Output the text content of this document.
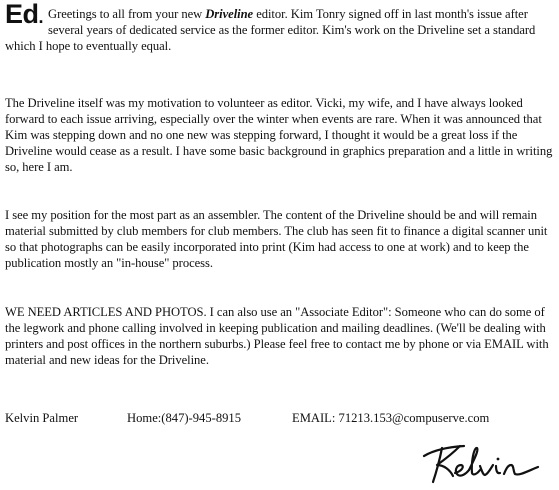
Ed. Greetings to all from your new Driveline editor. Kim Tonry signed off in last month's issue after several years of dedicated service as the former editor. Kim's work on the Driveline set a standard which I hope to eventually equal.

The Driveline itself was my motivation to volunteer as editor. Vicki, my wife, and I have always looked forward to each issue arriving, especially over the winter when events are rare. When it was announced that Kim was stepping down and no one new was stepping forward, I thought it would be a great loss if the Driveline would cease as a result. I have some basic background in graphics preparation and a little in writing so, here I am.

I see my position for the most part as an assembler. The content of the Driveline should be and will remain material submitted by club members for club members. The club has seen fit to finance a digital scanner unit so that photographs can be easily incorporated into print (Kim had access to one at work) and to keep the publication mostly an "in-house" process.

WE NEED ARTICLES AND PHOTOS. I can also use an "Associate Editor": Someone who can do some of the legwork and phone calling involved in keeping publication and mailing deadlines. (We'll be dealing with printers and post offices in the northern suburbs.) Please feel free to contact me by phone or via EMAIL with material and new ideas for the Driveline.

Kelvin Palmer	Home:(847)-945-8915	EMAIL: 71213.153@compuserve.com
